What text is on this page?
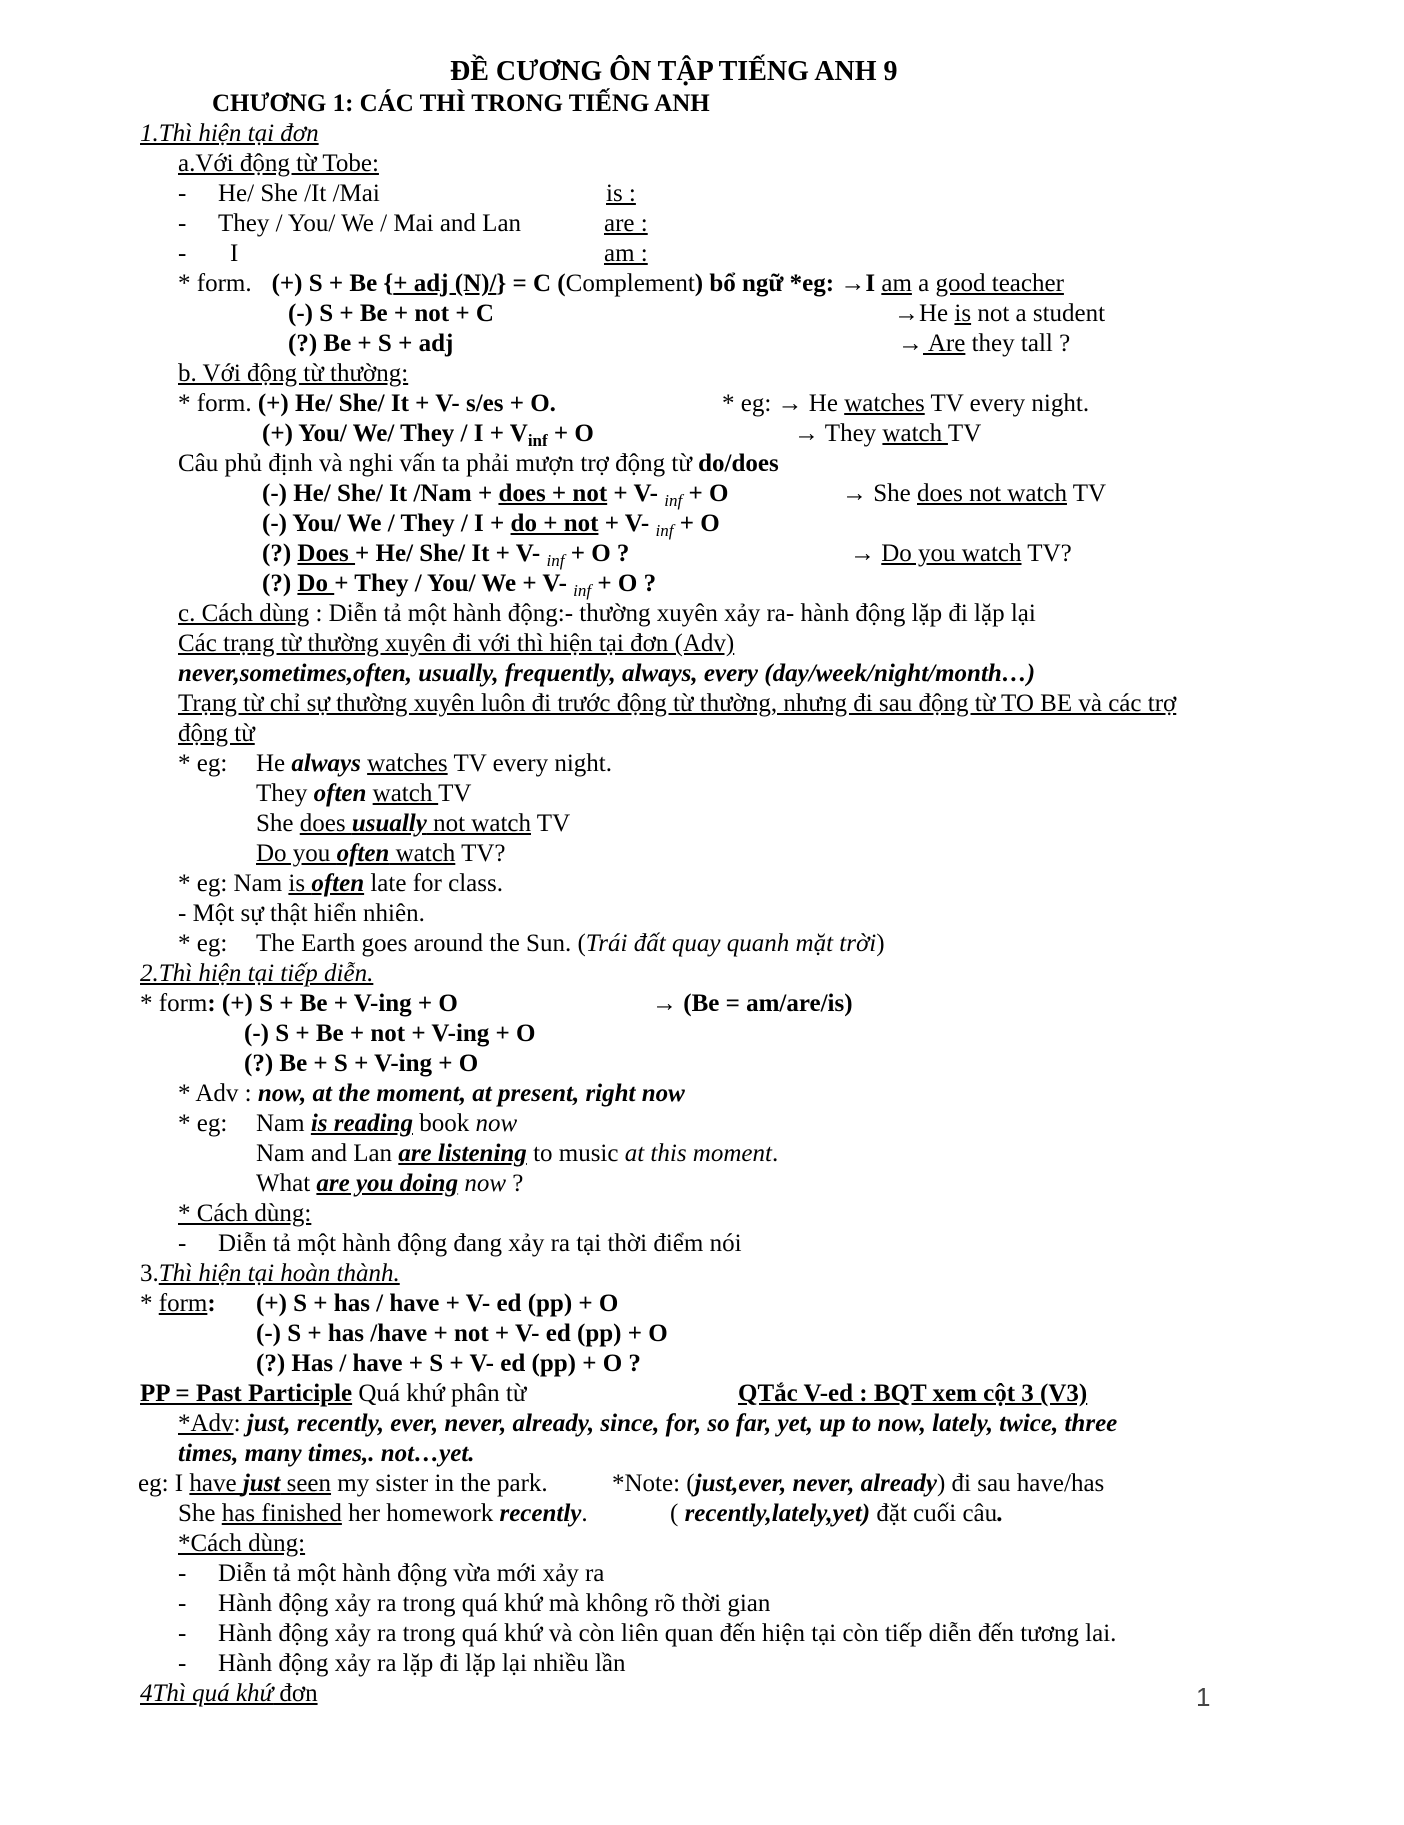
ĐỀ CƯƠNG ÔN TẬP TIẾNG ANH 9
CHƯƠNG 1: CÁC THÌ TRONG TIẾNG ANH
1.Thì hiện tại đơn
a.Với động từ Tobe:
- He/ She /It /Mai	is :
- They / You/ We / Mai and Lan	are :
- I	am :
* form. (+) S + Be {+ adj (N)/} = C (Complement) bổ ngữ *eg: →I am a good teacher
(-) S + Be + not + C	→He is not a student
(?) Be + S + adj	→ Are they tall ?
b. Với động từ thường:
* form. (+) He/ She/ It + V- s/es + O.	* eg: → He watches TV every night.
(+) You/ We/ They / $I + V_{inf} + O$	→ They watch TV
Câu phủ định và nghi vấn ta phải mượn trợ động từ do/does
(-) He/ She/ It /Nam + does + not + V- $_{inf}$ + O	→ She does not watch TV
(-) You/ We / They / I + do + not + V- $_{inf}$ + O
(?) Does + He/ She/ It + V- $_{inf}$ + O ?	→ Do you watch TV?
(?) Do + They / You/ We + V- $_{inf}$ + O ?
c. Cách dùng : Diễn tả một hành động:- thường xuyên xảy ra- hành động lặp đi lặp lại
Các trạng từ thường xuyên đi với thì hiện tại đơn (Adv)
never,sometimes,often, usually, frequently, always, every (day/week/night/month…)
Trạng từ chỉ sự thường xuyên luôn đi trước động từ thường, nhưng đi sau động từ TO BE và các trợ
động từ
* eg: He always watches TV every night.
They often watch TV
She does usually not watch TV
Do you often watch TV?
* eg: Nam is often late for class.
- Một sự thật hiển nhiên.
* eg: The Earth goes around the Sun. (Trái đất quay quanh mặt trời)
2.Thì hiện tại tiếp diễn.
* form: (+) S + Be + V-ing + O	→ (Be = am/are/is)
(-) S + Be + not + V-ing + O
(?) Be + S + V-ing + O
* Adv : now, at the moment, at present, right now
* eg: Nam is reading book now
Nam and Lan are listening to music at this moment.
What are you doing now ?
* Cách dùng:
- Diễn tả một hành động đang xảy ra tại thời điểm nói
3.Thì hiện tại hoàn thành.
* form: (+) S + has / have + V- ed (pp) + O
(-) S + has /have + not + V- ed (pp) + O
(?) Has / have + S + V- ed (pp) + O ?
PP = Past Participle Quá khứ phân từ	QTắc V-ed : BQT xem cột 3 (V3)
*Adv: just, recently, ever, never, already, since, for, so far, yet, up to now, lately, twice, three
times, many times,. not…yet.
eg: I have just seen my sister in the park.	*Note: (just,ever, never, already) đi sau have/has
She has finished her homework recently.	( recently,lately,yet) đặt cuối câu.
*Cách dùng:
- Diễn tả một hành động vừa mới xảy ra
- Hành động xảy ra trong quá khứ mà không rõ thời gian
- Hành động xảy ra trong quá khứ và còn liên quan đến hiện tại còn tiếp diễn đến tương lai.
- Hành động xảy ra lặp đi lặp lại nhiều lần
4Thì quá khứ đơn	1
